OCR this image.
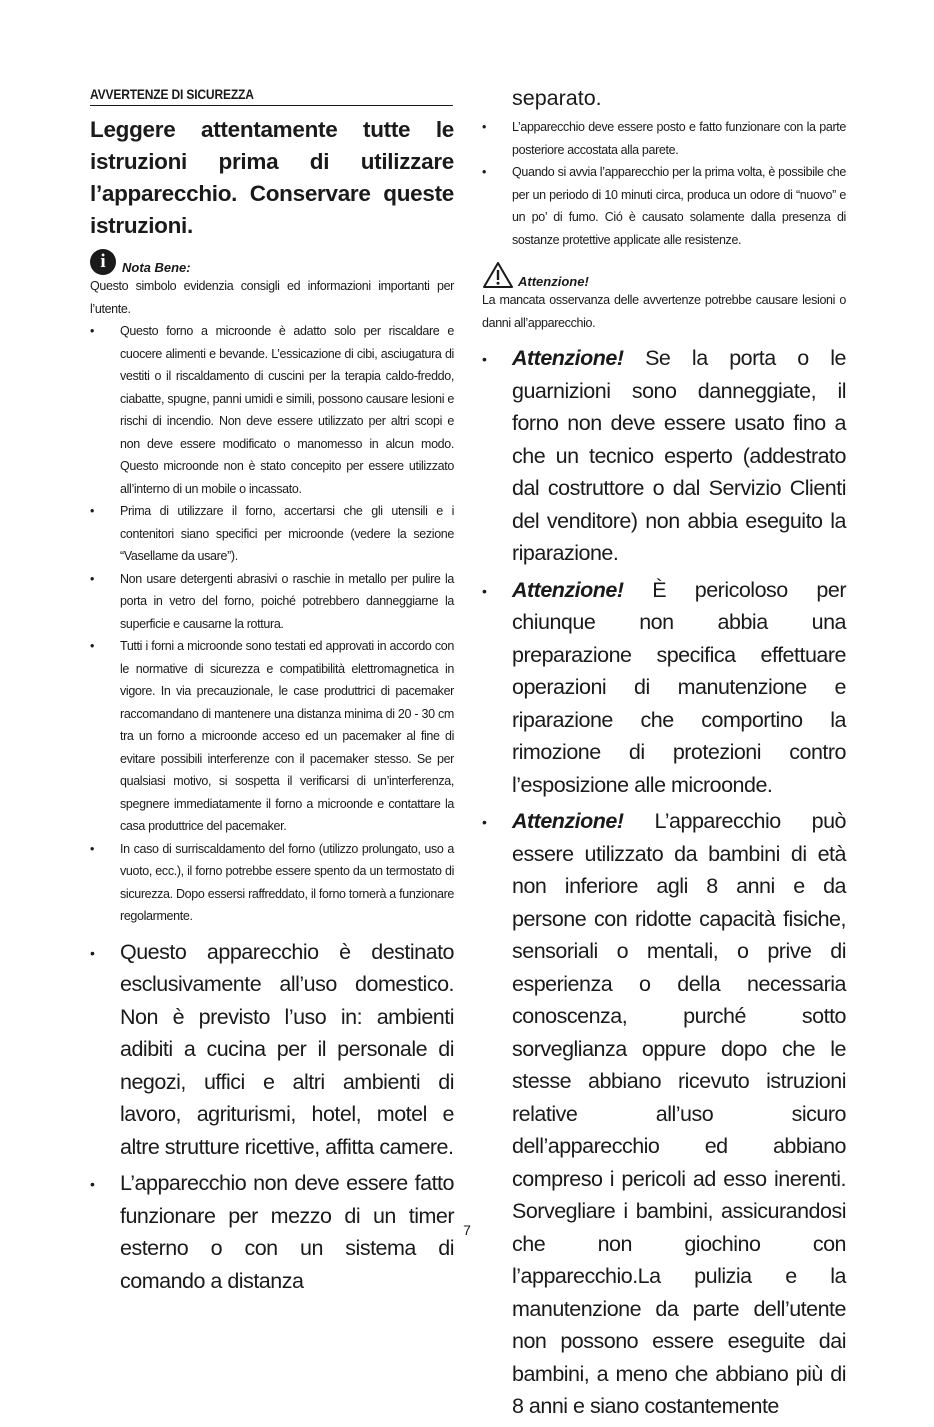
AVVERTENZE DI SICUREZZA
Leggere attentamente tutte le istruzioni prima di utilizzare l’apparecchio. Conservare queste istruzioni.
i	Nota Bene:
Questo simbolo evidenzia consigli ed informazioni importanti per l’utente.
• Questo forno a microonde è adatto solo per riscaldare e cuocere alimenti e bevande. L’essicazione di cibi, asciugatura di vestiti o il riscaldamento di cuscini per la terapia caldo-freddo, ciabatte, spugne, panni umidi e simili, possono causare lesioni e rischi di incendio. Non deve essere utilizzato per altri scopi e non deve essere modificato o manomesso in alcun modo. Questo microonde non è stato concepito per essere utilizzato all’interno di un mobile o incassato.
• Prima di utilizzare il forno, accertarsi che gli utensili e i contenitori siano specifici per microonde (vedere la sezione “Vasellame da usare”).
• Non usare detergenti abrasivi o raschie in metallo per pulire la porta in vetro del forno, poiché potrebbero danneggiarne la superficie e causarne la rottura.
• Tutti i forni a microonde sono testati ed approvati in accordo con le normative di sicurezza e compatibilità elettromagnetica in vigore. In via precauzionale, le case produttrici di pacemaker raccomandano di mantenere una distanza minima di 20 - 30 cm tra un forno a microonde acceso ed un pacemaker al fine di evitare possibili interferenze con il pacemaker stesso. Se per qualsiasi motivo, si sospetta il verificarsi di un’interferenza, spegnere immediatamente il forno a microonde e contattare la casa produttrice del pacemaker.
• In caso di surriscaldamento del forno (utilizzo prolungato, uso a vuoto, ecc.), il forno potrebbe essere spento da un termostato di sicurezza. Dopo essersi raffreddato, il forno tornerà a funzionare regolarmente.
• Questo apparecchio è destinato esclusivamente all’uso domestico. Non è previsto l’uso in: ambienti adibiti a cucina per il personale di negozi, uffici e altri ambienti di lavoro, agriturismi, hotel, motel e altre strutture ricettive, affitta camere.
• L’apparecchio non deve essere fatto funzionare per mezzo di un timer esterno o con un sistema di comando a distanza
separato.
• L’apparecchio deve essere posto e fatto funzionare con la parte posteriore accostata alla parete.
• Quando si avvia l’apparecchio per la prima volta, è possibile che per un periodo di 10 minuti circa, produca un odore di “nuovo” e un po’ di fumo. Ció è causato solamente dalla presenza di sostanze protettive applicate alle resistenze.
Attenzione!
La mancata osservanza delle avvertenze potrebbe causare lesioni o danni all’apparecchio.
• Attenzione! Se la porta o le guarnizioni sono danneggiate, il forno non deve essere usato fino a che un tecnico esperto (addestrato dal costruttore o dal Servizio Clienti del venditore) non abbia eseguito la riparazione.
• Attenzione! È pericoloso per chiunque non abbia una preparazione specifica effettuare operazioni di manutenzione e riparazione che comportino la rimozione di protezioni contro l’esposizione alle microonde.
• Attenzione! L’apparecchio può essere utilizzato da bambini di età non inferiore agli 8 anni e da persone con ridotte capacità fisiche, sensoriali o mentali, o prive di esperienza o della necessaria conoscenza, purché sotto sorveglianza oppure dopo che le stesse abbiano ricevuto istruzioni relative all’uso sicuro dell’apparecchio ed abbiano compreso i pericoli ad esso inerenti. Sorvegliare i bambini, assicurandosi che non giochino con l’apparecchio.La pulizia e la manutenzione da parte dell’utente non possono essere eseguite dai bambini, a meno che abbiano più di 8 anni e siano costantemente
7
